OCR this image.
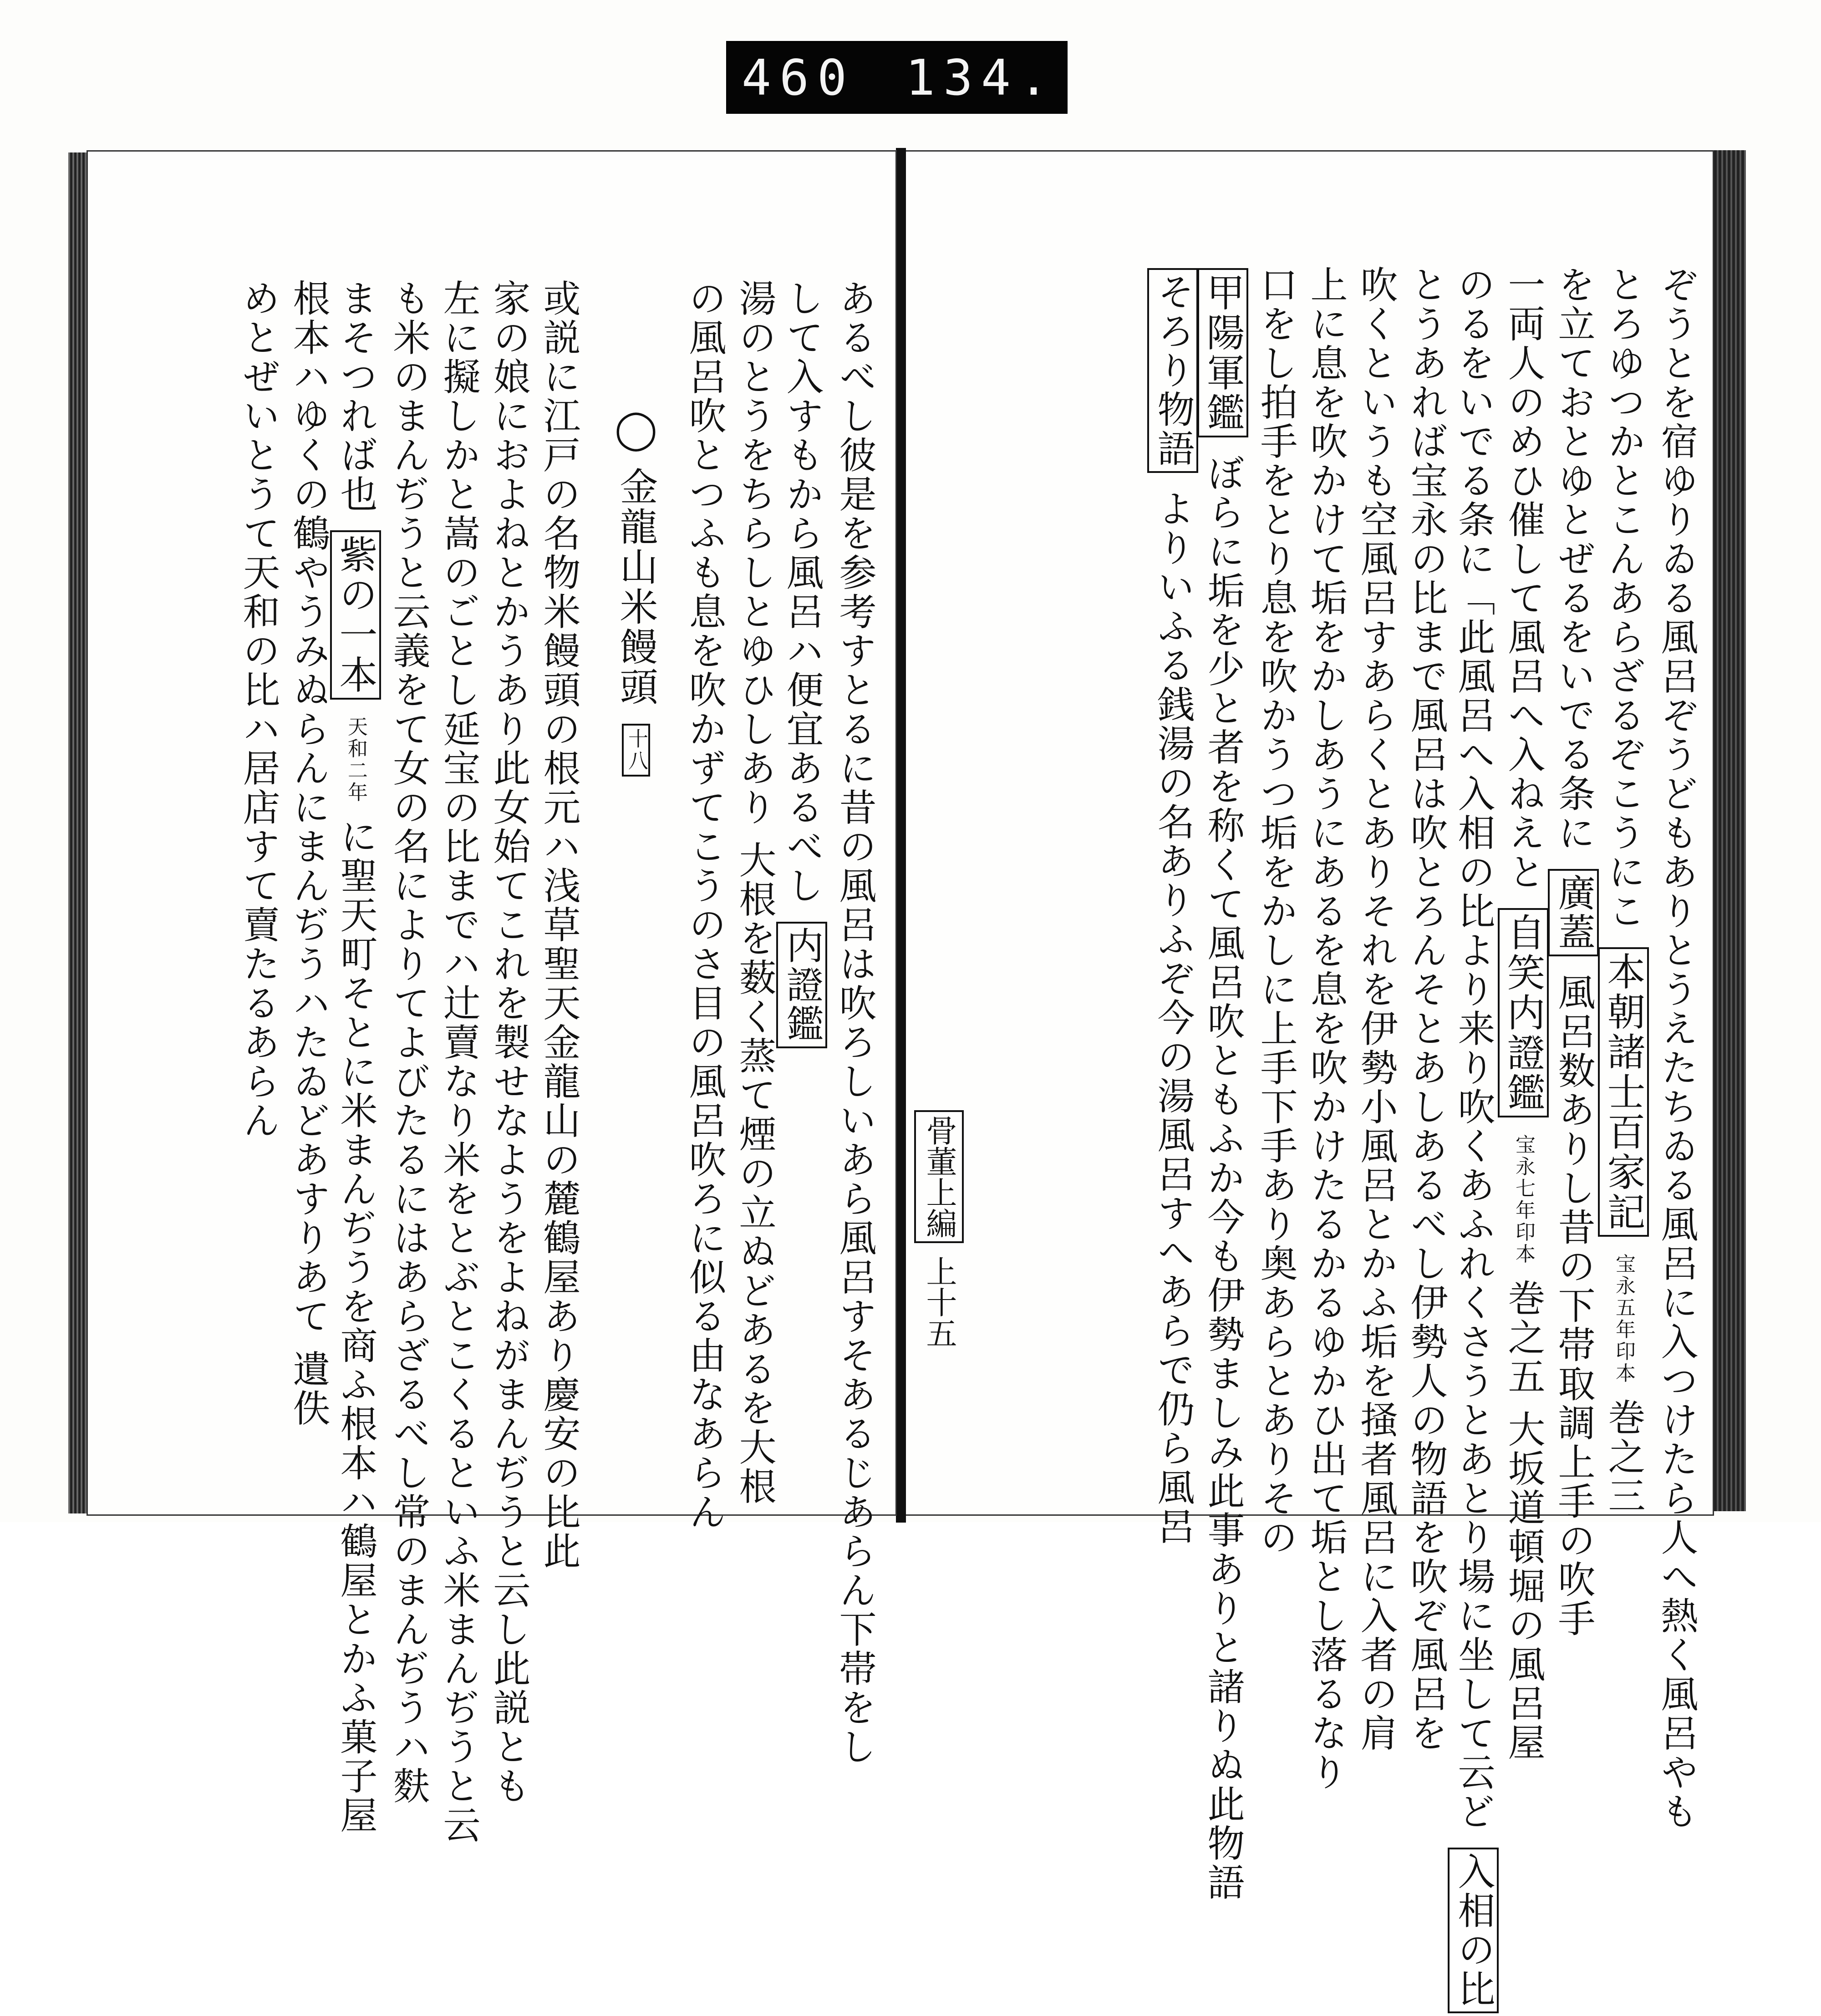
460 134.
ぞうとを宿ゆりゐる風呂ぞうどもありとうえたちゐる風呂に入つけたら人へ熱く風呂やも
とろゆつかとこんあらざるぞこうにこ 本朝諸士百家記 宝永五年印本 巻之三
を立ておとゆとぜるをいでる条に 廣蓋 風呂数ありし昔の下帯取調上手の吹手
一両人のめひ催して風呂へ入ねえと 自笑内證鑑 宝永七年印本 巻之五 大坂道頓堀の風呂屋
のるをいでる条に「此風呂へ入相の比より来り吹くあふれくさうとあとり場に坐して云ど 入相の比
とうあれば宝永の比まで風呂は吹とろんそとあしあるべし伊勢人の物語を吹ぞ風呂を
吹くというも空風呂すあらくとありそれを伊勢小風呂とかふ垢を掻者風呂に入者の肩
上に息を吹かけて垢をかしあうにあるを息を吹かけたるかるゆかひ出て垢とし落るなり
口をし拍手をとり息を吹かうつ垢をかしに上手下手あり奥あらとありその
甲陽軍鑑 ぼらに垢を少と者を称くて風呂吹ともふか今も伊勢ましみ此事ありと諸りぬ此物語
そろり物語 よりいふる銭湯の名ありふぞ今の湯風呂すへあらで仍ら風呂
骨董上編 上十五
あるべし彼是を参考すとるに昔の風呂は吹ろしいあら風呂すそあるじあらん下帯をし
して入すもから風呂ハ便宜あるべし 内證鑑
湯のとうをちらしとゆひしあり 大根を薮く蒸て煙の立ぬどあるを大根
の風呂吹とつふも息を吹かずてこうのさ目の風呂吹ろに似る由なあらん
◯ 金龍山米饅頭 十八
或説に江戸の名物米饅頭の根元ハ浅草聖天金龍山の麓鶴屋あり慶安の比此
家の娘におよねとかうあり此女始てこれを製せなようをよねがまんぢうと云し此説とも
左に擬しかと嵩のごとし延宝の比までハ辻賣なり米をとぶとこくるといふ米まんぢうと云
も米のまんぢうと云義をて女の名によりてよびたるにはあらざるべし常のまんぢうハ麩
まそつれば也 紫の一本 天和二年 に聖天町そとに米まんぢうを商ふ根本ハ鶴屋とかふ菓子屋
根本ハゆくの鶴やうみぬらんにまんぢうハたゐどあすりあて 遺佚
めとぜいとうて天和の比ハ居店すて賣たるあらん
